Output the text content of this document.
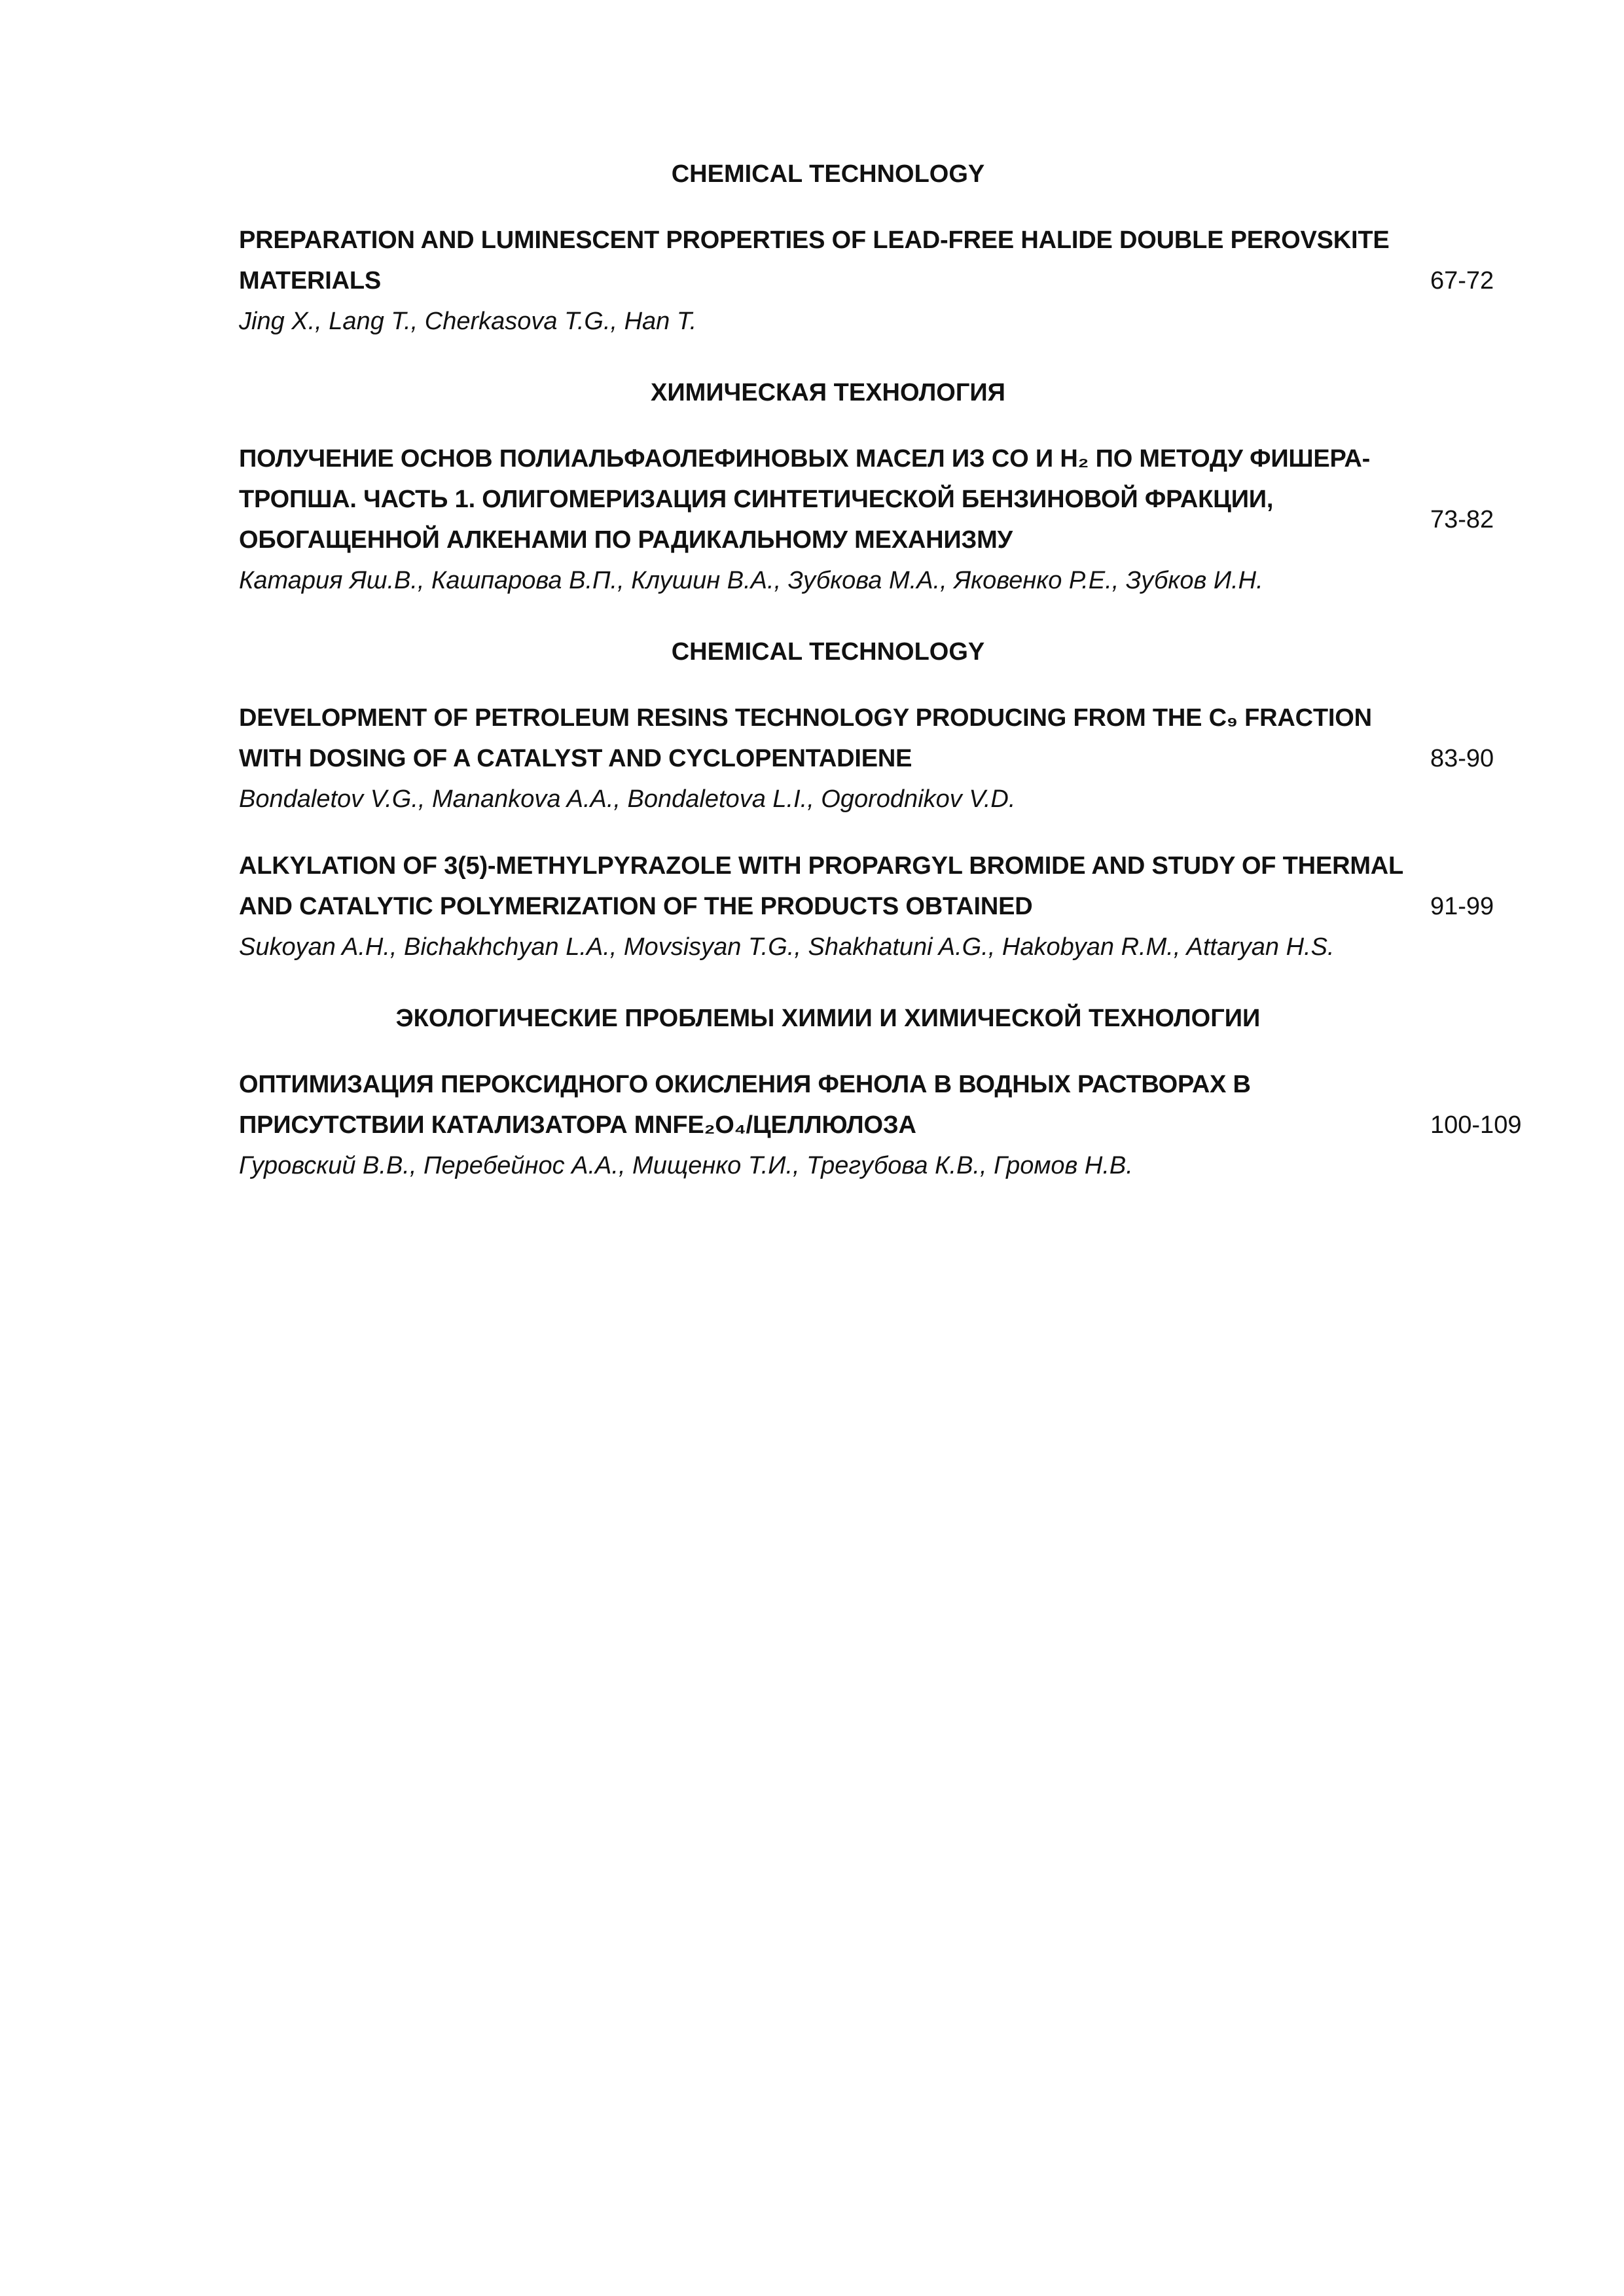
CHEMICAL TECHNOLOGY

PREPARATION AND LUMINESCENT PROPERTIES OF LEAD-FREE HALIDE DOUBLE PEROVSKITE

MATERIALS

Jing X., Lang T., Cherkasova T.G., Han T.

67-72
ХИМИЧЕСКАЯ ТЕХНОЛОГИЯ

ПОЛУЧЕНИЕ ОСНОВ ПОЛИАЛЬФАОЛЕФИНОВЫХ МАСЕЛ ИЗ CO И H₂ ПО МЕТОДУ ФИШЕРА-

ТРОПША. ЧАСТЬ 1. ОЛИГОМЕРИЗАЦИЯ СИНТЕТИЧЕСКОЙ БЕНЗИНОВОЙ ФРАКЦИИ,

ОБОГАЩЕННОЙ АЛКЕНАМИ ПО РАДИКАЛЬНОМУ МЕХАНИЗМУ

Катария Яш.В., Кашпарова В.П., Клушин В.А., Зубкова М.А., Яковенко Р.Е., Зубков И.Н.

73-82
CHEMICAL TECHNOLOGY

DEVELOPMENT OF PETROLEUM RESINS TECHNOLOGY PRODUCING FROM THE C₉ FRACTION

WITH DOSING OF A CATALYST AND CYCLOPENTADIENE

Bondaletov V.G., Manankova A.A., Bondaletova L.I., Ogorodnikov V.D.

83-90

ALKYLATION OF 3(5)-METHYLPYRAZOLE WITH PROPARGYL BROMIDE AND STUDY OF THERMAL

AND CATALYTIC POLYMERIZATION OF THE PRODUCTS OBTAINED

Sukoyan A.H., Bichakhchyan L.A., Movsisyan T.G., Shakhatuni A.G., Hakobyan R.M., Attaryan H.S.

91-99
ЭКОЛОГИЧЕСКИЕ ПРОБЛЕМЫ ХИМИИ И ХИМИЧЕСКОЙ ТЕХНОЛОГИИ

ОПТИМИЗАЦИЯ ПЕРОКСИДНОГО ОКИСЛЕНИЯ ФЕНОЛА В ВОДНЫХ РАСТВОРАХ В

ПРИСУТСТВИИ КАТАЛИЗАТОРА MNFE₂O₄/ЦЕЛЛЮЛОЗА

Гуровский В.В., Перебейнос А.А., Мищенко Т.И., Трегубова К.В., Громов Н.В.

100-109
